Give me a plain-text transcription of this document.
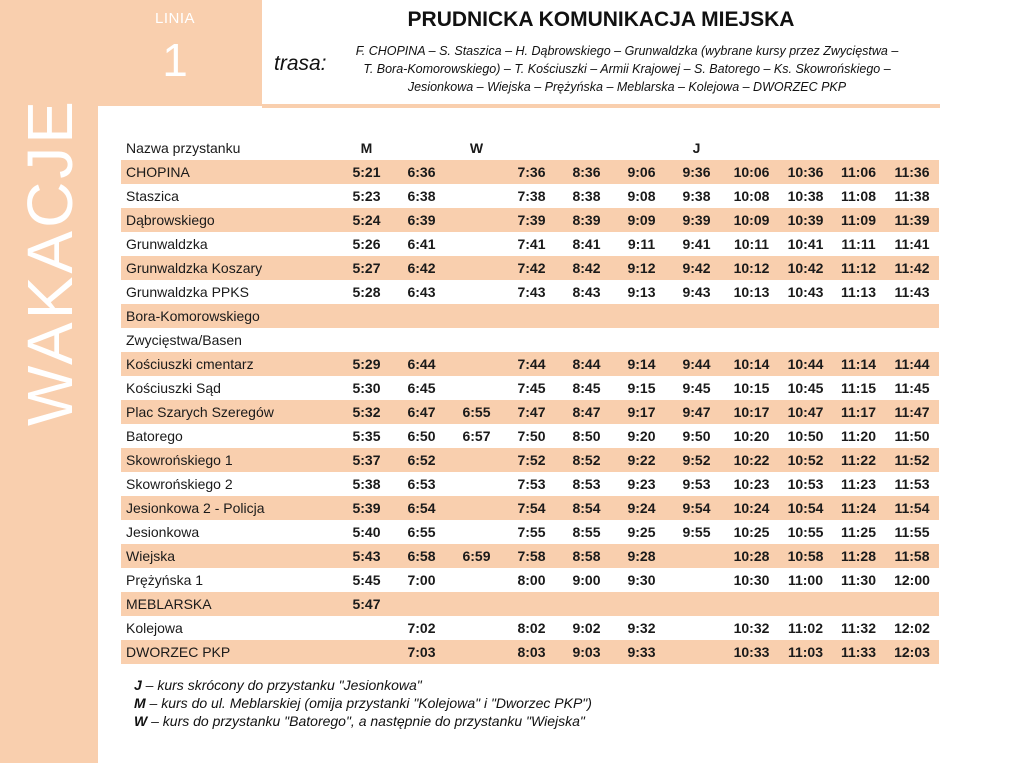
LINIA
1
WAKACJE
PRUDNICKA KOMUNIKACJA MIEJSKA
trasa:
F. CHOPINA – S. Staszica – H. Dąbrowskiego – Grunwaldzka (wybrane kursy przez Zwycięstwa –
T. Bora-Komorowskiego) – T. Kościuszki – Armii Krajowej – S. Batorego – Ks. Skowrońskiego –
Jesionkowa – Wiejska – Prężyńska – Meblarska – Kolejowa – DWORZEC PKP
Nazwa przystanku	M		W				J				
CHOPINA	5:21	6:36		7:36	8:36	9:06	9:36	10:06	10:36	11:06	11:36
Staszica	5:23	6:38		7:38	8:38	9:08	9:38	10:08	10:38	11:08	11:38
Dąbrowskiego	5:24	6:39		7:39	8:39	9:09	9:39	10:09	10:39	11:09	11:39
Grunwaldzka	5:26	6:41		7:41	8:41	9:11	9:41	10:11	10:41	11:11	11:41
Grunwaldzka Koszary	5:27	6:42		7:42	8:42	9:12	9:42	10:12	10:42	11:12	11:42
Grunwaldzka PPKS	5:28	6:43		7:43	8:43	9:13	9:43	10:13	10:43	11:13	11:43
Bora-Komorowskiego											
Zwycięstwa/Basen											
Kościuszki cmentarz	5:29	6:44		7:44	8:44	9:14	9:44	10:14	10:44	11:14	11:44
Kościuszki Sąd	5:30	6:45		7:45	8:45	9:15	9:45	10:15	10:45	11:15	11:45
Plac Szarych Szeregów	5:32	6:47	6:55	7:47	8:47	9:17	9:47	10:17	10:47	11:17	11:47
Batorego	5:35	6:50	6:57	7:50	8:50	9:20	9:50	10:20	10:50	11:20	11:50
Skowrońskiego 1	5:37	6:52		7:52	8:52	9:22	9:52	10:22	10:52	11:22	11:52
Skowrońskiego 2	5:38	6:53		7:53	8:53	9:23	9:53	10:23	10:53	11:23	11:53
Jesionkowa 2 - Policja	5:39	6:54		7:54	8:54	9:24	9:54	10:24	10:54	11:24	11:54
Jesionkowa	5:40	6:55		7:55	8:55	9:25	9:55	10:25	10:55	11:25	11:55
Wiejska	5:43	6:58	6:59	7:58	8:58	9:28		10:28	10:58	11:28	11:58
Prężyńska 1	5:45	7:00		8:00	9:00	9:30		10:30	11:00	11:30	12:00
MEBLARSKA	5:47										
Kolejowa		7:02		8:02	9:02	9:32		10:32	11:02	11:32	12:02
DWORZEC PKP		7:03		8:03	9:03	9:33		10:33	11:03	11:33	12:03
J – kurs skrócony do przystanku "Jesionkowa"
M – kurs do ul. Meblarskiej (omija przystanki "Kolejowa" i "Dworzec PKP")
W – kurs do przystanku "Batorego", a następnie do przystanku "Wiejska"
